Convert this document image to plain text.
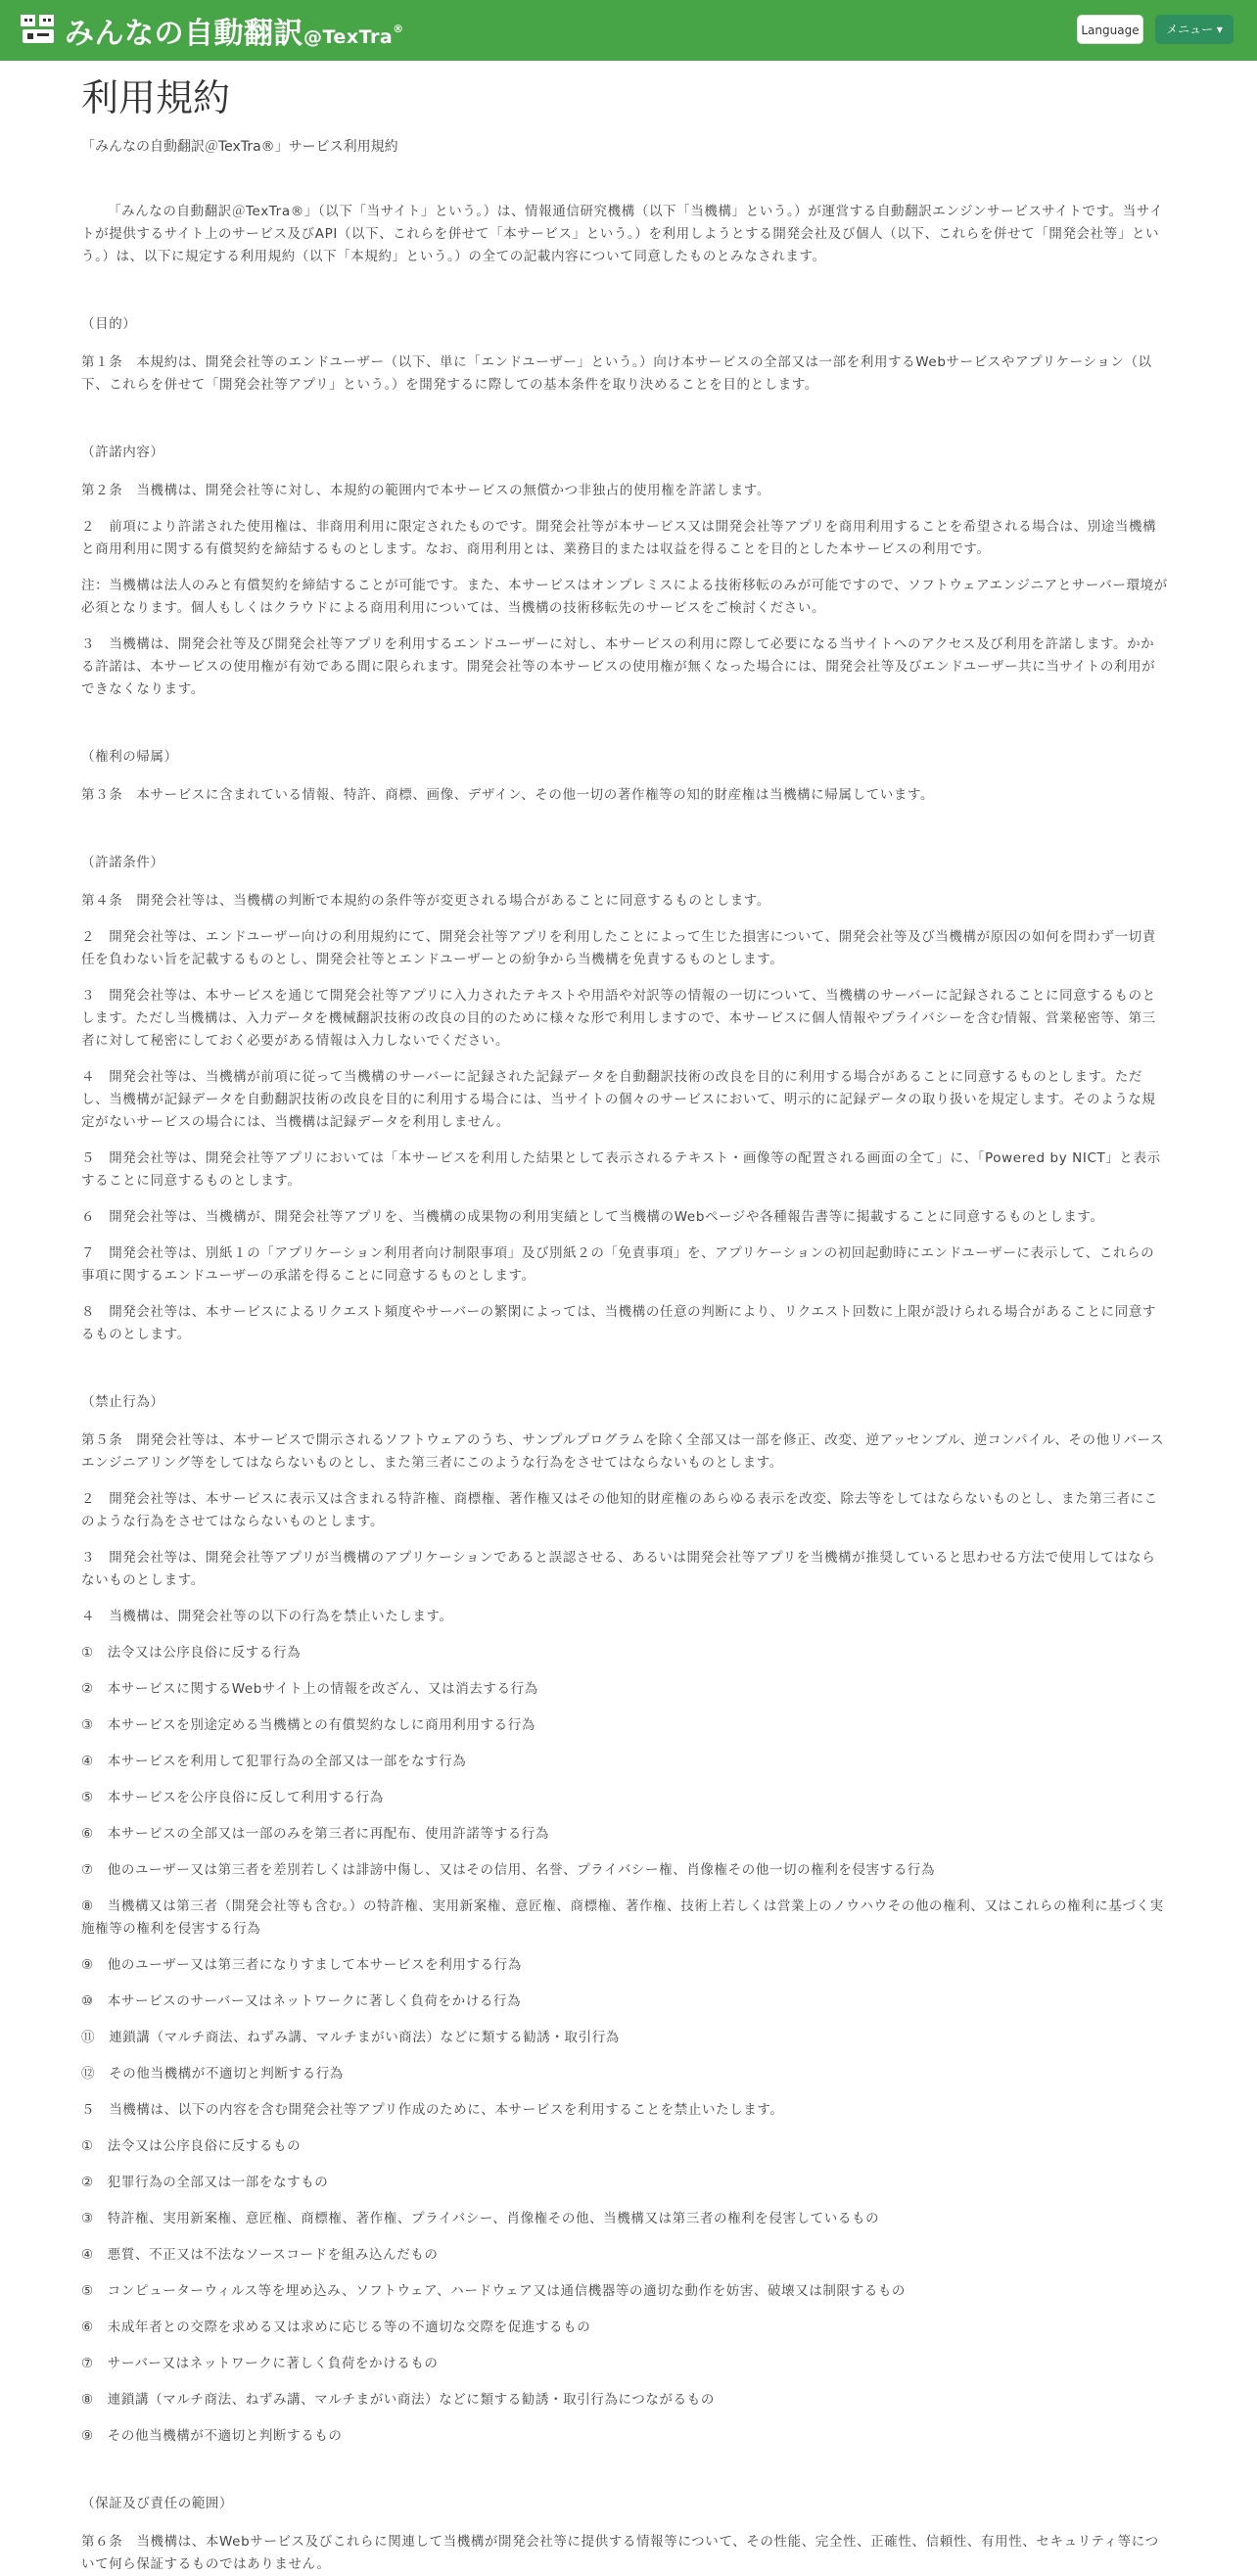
みんなの自動翻訳@TexTra®	Language	メニュー ▾
利用規約
「みんなの自動翻訳＠TexTra®」サービス利用規約
「みんなの自動翻訳＠TexTra®」（以下「当サイト」という。）は、情報通信研究機構（以下「当機構」という。）が運営する自動翻訳エンジンサービスサイトです。当サイトが提供するサイト上のサービス及びAPI（以下、これらを併せて「本サービス」という。）を利用しようとする開発会社及び個人（以下、これらを併せて「開発会社等」という。）は、以下に規定する利用規約（以下「本規約」という。）の全ての記載内容について同意したものとみなされます。
（目的）
第１条　本規約は、開発会社等のエンドユーザー（以下、単に「エンドユーザー」という。）向け本サービスの全部又は一部を利用するWebサービスやアプリケーション（以下、これらを併せて「開発会社等アプリ」という。）を開発するに際しての基本条件を取り決めることを目的とします。
（許諾内容）
第２条　当機構は、開発会社等に対し、本規約の範囲内で本サービスの無償かつ非独占的使用権を許諾します。
２　前項により許諾された使用権は、非商用利用に限定されたものです。開発会社等が本サービス又は開発会社等アプリを商用利用することを希望される場合は、別途当機構と商用利用に関する有償契約を締結するものとします。なお、商用利用とは、業務目的または収益を得ることを目的とした本サービスの利用です。
注：当機構は法人のみと有償契約を締結することが可能です。また、本サービスはオンプレミスによる技術移転のみが可能ですので、ソフトウェアエンジニアとサーバー環境が必須となります。個人もしくはクラウドによる商用利用については、当機構の技術移転先のサービスをご検討ください。
３　当機構は、開発会社等及び開発会社等アプリを利用するエンドユーザーに対し、本サービスの利用に際して必要になる当サイトへのアクセス及び利用を許諾します。かかる許諾は、本サービスの使用権が有効である間に限られます。開発会社等の本サービスの使用権が無くなった場合には、開発会社等及びエンドユーザー共に当サイトの利用ができなくなります。
（権利の帰属）
第３条　本サービスに含まれている情報、特許、商標、画像、デザイン、その他一切の著作権等の知的財産権は当機構に帰属しています。
（許諾条件）
第４条　開発会社等は、当機構の判断で本規約の条件等が変更される場合があることに同意するものとします。
２　開発会社等は、エンドユーザー向けの利用規約にて、開発会社等アプリを利用したことによって生じた損害について、開発会社等及び当機構が原因の如何を問わず一切責任を負わない旨を記載するものとし、開発会社等とエンドユーザーとの紛争から当機構を免責するものとします。
３　開発会社等は、本サービスを通じて開発会社等アプリに入力されたテキストや用語や対訳等の情報の一切について、当機構のサーバーに記録されることに同意するものとします。ただし当機構は、入力データを機械翻訳技術の改良の目的のために様々な形で利用しますので、本サービスに個人情報やプライバシーを含む情報、営業秘密等、第三者に対して秘密にしておく必要がある情報は入力しないでください。
４　開発会社等は、当機構が前項に従って当機構のサーバーに記録された記録データを自動翻訳技術の改良を目的に利用する場合があることに同意するものとします。ただし、当機構が記録データを自動翻訳技術の改良を目的に利用する場合には、当サイトの個々のサービスにおいて、明示的に記録データの取り扱いを規定します。そのような規定がないサービスの場合には、当機構は記録データを利用しません。
５　開発会社等は、開発会社等アプリにおいては「本サービスを利用した結果として表示されるテキスト・画像等の配置される画面の全て」に、「Powered by NICT」と表示することに同意するものとします。
６　開発会社等は、当機構が、開発会社等アプリを、当機構の成果物の利用実績として当機構のWebページや各種報告書等に掲載することに同意するものとします。
７　開発会社等は、別紙１の「アプリケーション利用者向け制限事項」及び別紙２の「免責事項」を、アプリケーションの初回起動時にエンドユーザーに表示して、これらの事項に関するエンドユーザーの承諾を得ることに同意するものとします。
８　開発会社等は、本サービスによるリクエスト頻度やサーバーの繁閑によっては、当機構の任意の判断により、リクエスト回数に上限が設けられる場合があることに同意するものとします。
（禁止行為）
第５条　開発会社等は、本サービスで開示されるソフトウェアのうち、サンプルプログラムを除く全部又は一部を修正、改変、逆アッセンブル、逆コンパイル、その他リバースエンジニアリング等をしてはならないものとし、また第三者にこのような行為をさせてはならないものとします。
２　開発会社等は、本サービスに表示又は含まれる特許権、商標権、著作権又はその他知的財産権のあらゆる表示を改変、除去等をしてはならないものとし、また第三者にこのような行為をさせてはならないものとします。
３　開発会社等は、開発会社等アプリが当機構のアプリケーションであると誤認させる、あるいは開発会社等アプリを当機構が推奨していると思わせる方法で使用してはならないものとします。
４　当機構は、開発会社等の以下の行為を禁止いたします。
①　法令又は公序良俗に反する行為
②　本サービスに関するWebサイト上の情報を改ざん、又は消去する行為
③　本サービスを別途定める当機構との有償契約なしに商用利用する行為
④　本サービスを利用して犯罪行為の全部又は一部をなす行為
⑤　本サービスを公序良俗に反して利用する行為
⑥　本サービスの全部又は一部のみを第三者に再配布、使用許諾等する行為
⑦　他のユーザー又は第三者を差別若しくは誹謗中傷し、又はその信用、名誉、プライバシー権、肖像権その他一切の権利を侵害する行為
⑧　当機構又は第三者（開発会社等も含む。）の特許権、実用新案権、意匠権、商標権、著作権、技術上若しくは営業上のノウハウその他の権利、又はこれらの権利に基づく実施権等の権利を侵害する行為
⑨　他のユーザー又は第三者になりすまして本サービスを利用する行為
⑩　本サービスのサーバー又はネットワークに著しく負荷をかける行為
⑪　連鎖講（マルチ商法、ねずみ講、マルチまがい商法）などに類する勧誘・取引行為
⑫　その他当機構が不適切と判断する行為
５　当機構は、以下の内容を含む開発会社等アプリ作成のために、本サービスを利用することを禁止いたします。
①　法令又は公序良俗に反するもの
②　犯罪行為の全部又は一部をなすもの
③　特許権、実用新案権、意匠権、商標権、著作権、プライバシー、肖像権その他、当機構又は第三者の権利を侵害しているもの
④　悪質、不正又は不法なソースコードを組み込んだもの
⑤　コンピューターウィルス等を埋め込み、ソフトウェア、ハードウェア又は通信機器等の適切な動作を妨害、破壊又は制限するもの
⑥　未成年者との交際を求める又は求めに応じる等の不適切な交際を促進するもの
⑦　サーバー又はネットワークに著しく負荷をかけるもの
⑧　連鎖講（マルチ商法、ねずみ講、マルチまがい商法）などに類する勧誘・取引行為につながるもの
⑨　その他当機構が不適切と判断するもの
（保証及び責任の範囲）
第６条　当機構は、本Webサービス及びこれらに関連して当機構が開発会社等に提供する情報等について、その性能、完全性、正確性、信頼性、有用性、セキュリティ等について何ら保証するものではありません。
